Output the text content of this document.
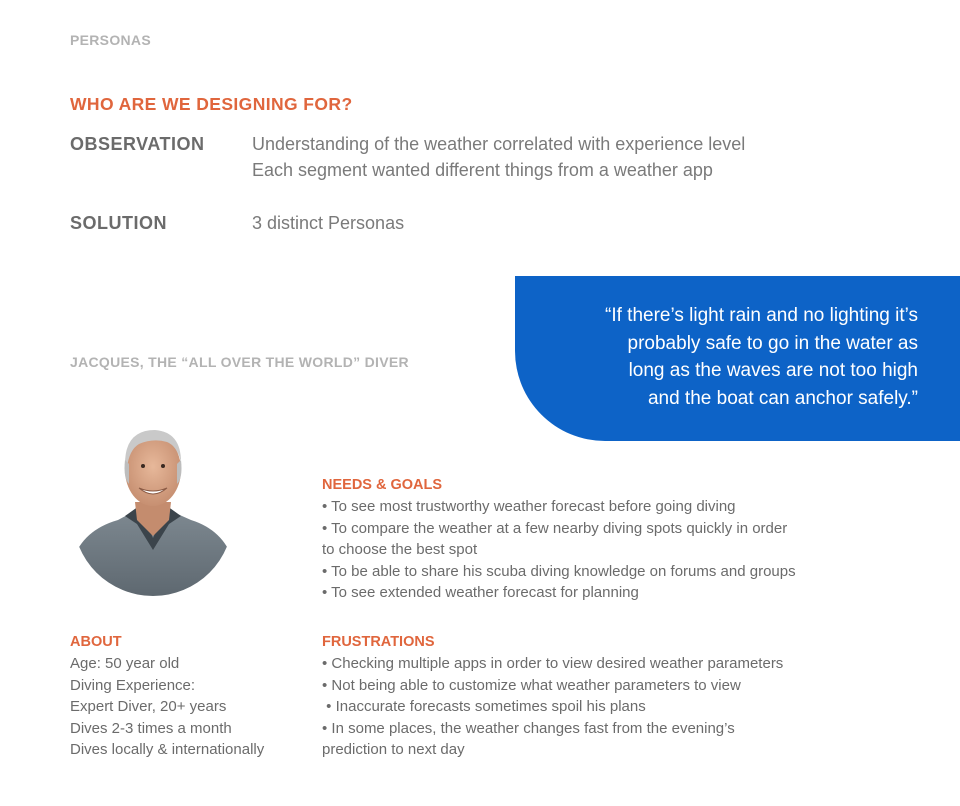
PERSONAS
WHO ARE WE DESIGNING FOR?
OBSERVATION	Understanding of the weather correlated with experience level
Each segment wanted different things from a weather app
SOLUTION	3 distinct Personas
“If there’s light rain and no lighting it’s
probably safe to go in the water as
long as the waves are not too high
and the boat can anchor safely.”
JACQUES, THE “ALL OVER THE WORLD” DIVER
NEEDS & GOALS
• To see most trustworthy weather forecast before going diving
• To compare the weather at a few nearby diving spots quickly in order
to choose the best spot
• To be able to share his scuba diving knowledge on forums and groups
• To see extended weather forecast for planning
ABOUT
Age: 50 year old
Diving Experience:
Expert Diver, 20+ years
Dives 2-3 times a month
Dives locally & internationally
FRUSTRATIONS
• Checking multiple apps in order to view desired weather parameters
• Not being able to customize what weather parameters to view
• Inaccurate forecasts sometimes spoil his plans
• In some places, the weather changes fast from the evening’s
prediction to next day
